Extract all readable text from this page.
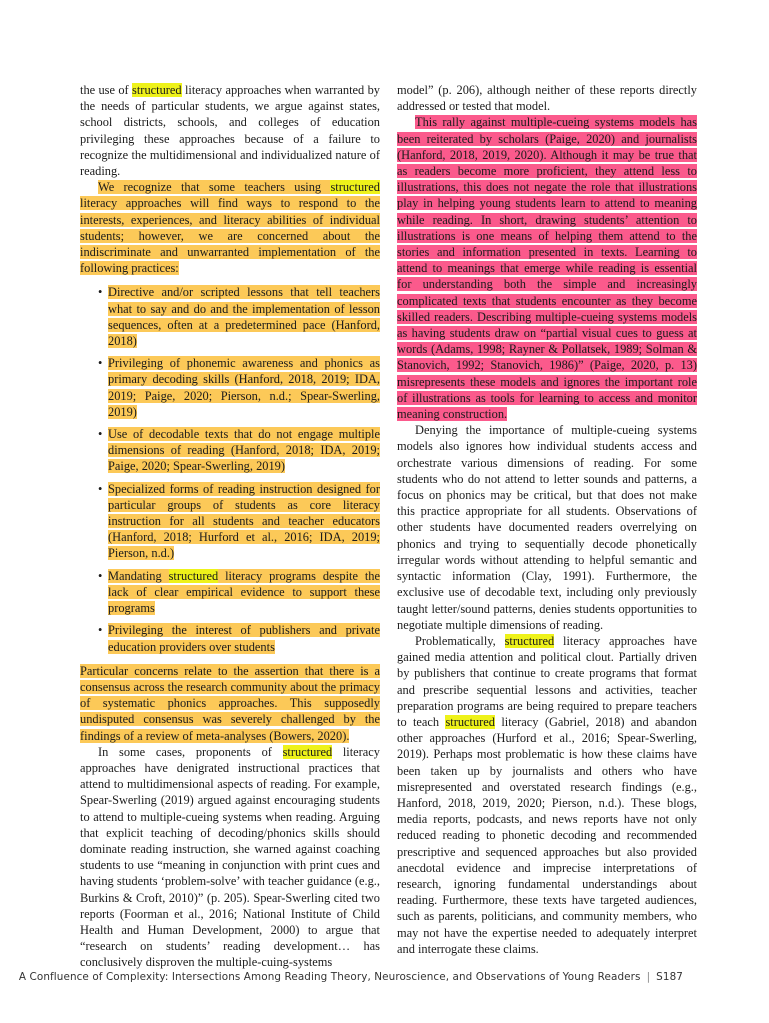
the use of structured literacy approaches when warranted by the needs of particular students, we argue against states, school districts, schools, and colleges of education privileging these approaches because of a failure to recognize the multidimensional and individualized nature of reading.

We recognize that some teachers using structured literacy approaches will find ways to respond to the interests, experiences, and literacy abilities of individual students; however, we are concerned about the indiscriminate and unwarranted implementation of the following practices:

• Directive and/or scripted lessons that tell teachers what to say and do and the implementation of lesson sequences, often at a predetermined pace (Hanford, 2018)
• Privileging of phonemic awareness and phonics as primary decoding skills (Hanford, 2018, 2019; IDA, 2019; Paige, 2020; Pierson, n.d.; Spear-Swerling, 2019)
• Use of decodable texts that do not engage multiple dimensions of reading (Hanford, 2018; IDA, 2019; Paige, 2020; Spear-Swerling, 2019)
• Specialized forms of reading instruction designed for particular groups of students as core literacy instruction for all students and teacher educators (Hanford, 2018; Hurford et al., 2016; IDA, 2019; Pierson, n.d.)
• Mandating structured literacy programs despite the lack of clear empirical evidence to support these programs
• Privileging the interest of publishers and private education providers over students

Particular concerns relate to the assertion that there is a consensus across the research community about the primacy of systematic phonics approaches. This supposedly undisputed consensus was severely challenged by the findings of a review of meta-analyses (Bowers, 2020).

In some cases, proponents of structured literacy approaches have denigrated instructional practices that attend to multidimensional aspects of reading. For example, Spear-Swerling (2019) argued against encouraging students to attend to multiple-cueing systems when reading. Arguing that explicit teaching of decoding/phonics skills should dominate reading instruction, she warned against coaching students to use “meaning in conjunction with print cues and having students ‘problem-solve’ with teacher guidance (e.g., Burkins & Croft, 2010)” (p. 205). Spear-Swerling cited two reports (Foorman et al., 2016; National Institute of Child Health and Human Development, 2000) to argue that “research on students’ reading development… has conclusively disproven the multiple-cuing-systems

model” (p. 206), although neither of these reports directly addressed or tested that model.

This rally against multiple-cueing systems models has been reiterated by scholars (Paige, 2020) and journalists (Hanford, 2018, 2019, 2020). Although it may be true that as readers become more proficient, they attend less to illustrations, this does not negate the role that illustrations play in helping young students learn to attend to meaning while reading. In short, drawing students’ attention to illustrations is one means of helping them attend to the stories and information presented in texts. Learning to attend to meanings that emerge while reading is essential for understanding both the simple and increasingly complicated texts that students encounter as they become skilled readers. Describing multiple-cueing systems models as having students draw on “partial visual cues to guess at words (Adams, 1998; Rayner & Pollatsek, 1989; Solman & Stanovich, 1992; Stanovich, 1986)” (Paige, 2020, p. 13) misrepresents these models and ignores the important role of illustrations as tools for learning to access and monitor meaning construction.

Denying the importance of multiple-cueing systems models also ignores how individual students access and orchestrate various dimensions of reading. For some students who do not attend to letter sounds and patterns, a focus on phonics may be critical, but that does not make this practice appropriate for all students. Observations of other students have documented readers overrelying on phonics and trying to sequentially decode phonetically irregular words without attending to helpful semantic and syntactic information (Clay, 1991). Furthermore, the exclusive use of decodable text, including only previously taught letter/sound patterns, denies students opportunities to negotiate multiple dimensions of reading.

Problematically, structured literacy approaches have gained media attention and political clout. Partially driven by publishers that continue to create programs that format and prescribe sequential lessons and activities, teacher preparation programs are being required to prepare teachers to teach structured literacy (Gabriel, 2018) and abandon other approaches (Hurford et al., 2016; Spear-Swerling, 2019). Perhaps most problematic is how these claims have been taken up by journalists and others who have misrepresented and overstated research findings (e.g., Hanford, 2018, 2019, 2020; Pierson, n.d.). These blogs, media reports, podcasts, and news reports have not only reduced reading to phonetic decoding and recommended prescriptive and sequenced approaches but also provided anecdotal evidence and imprecise interpretations of research, ignoring fundamental understandings about reading. Furthermore, these texts have targeted audiences, such as parents, politicians, and community members, who may not have the expertise needed to adequately interpret and interrogate these claims.

A Confluence of Complexity: Intersections Among Reading Theory, Neuroscience, and Observations of Young Readers | S187
